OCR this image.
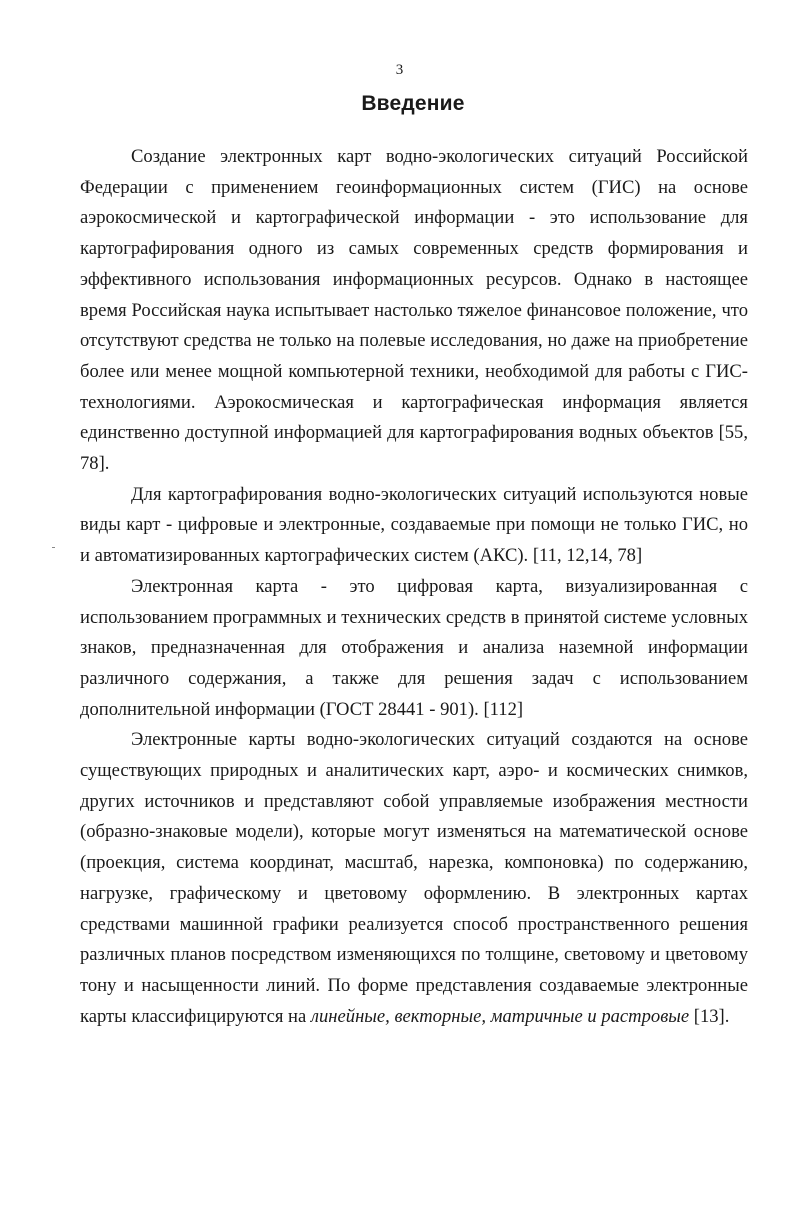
3
Введение

Создание электронных карт водно-экологических ситуаций Российской Федерации с применением геоинформационных систем (ГИС) на основе аэрокосмической и картографической информации - это использование для картографирования одного из самых современных средств формирования и эффективного использования информационных ресурсов. Однако в настоящее время Российская наука испытывает настолько тяжелое финансовое положение, что отсутствуют средства не только на полевые исследования, но даже на приобретение более или менее мощной компьютерной техники, необходимой для работы с ГИС-технологиями. Аэрокосмическая и картографическая информация является единственно доступной информацией для картографирования водных объектов [55, 78].

Для картографирования водно-экологических ситуаций используются новые виды карт - цифровые и электронные, создаваемые при помощи не только ГИС, но и автоматизированных картографических систем (АКС). [11, 12,14, 78]

Электронная карта - это цифровая карта, визуализированная с использованием программных и технических средств в принятой системе условных знаков, предназначенная для отображения и анализа наземной информации различного содержания, а также для решения задач с использованием дополнительной информации (ГОСТ 28441 - 901). [112]

Электронные карты водно-экологических ситуаций создаются на основе существующих природных и аналитических карт, аэро- и космических снимков, других источников и представляют собой управляемые изображения местности (образно-знаковые модели), которые могут изменяться на математической основе (проекция, система координат, масштаб, нарезка, компоновка) по содержанию, нагрузке, графическому и цветовому оформлению. В электронных картах средствами машинной графики реализуется способ пространственного решения различных планов посредством изменяющихся по толщине, световому и цветовому тону и насыщенности линий. По форме представления создаваемые электронные карты классифицируются на линейные, векторные, матричные и растровые [13].
